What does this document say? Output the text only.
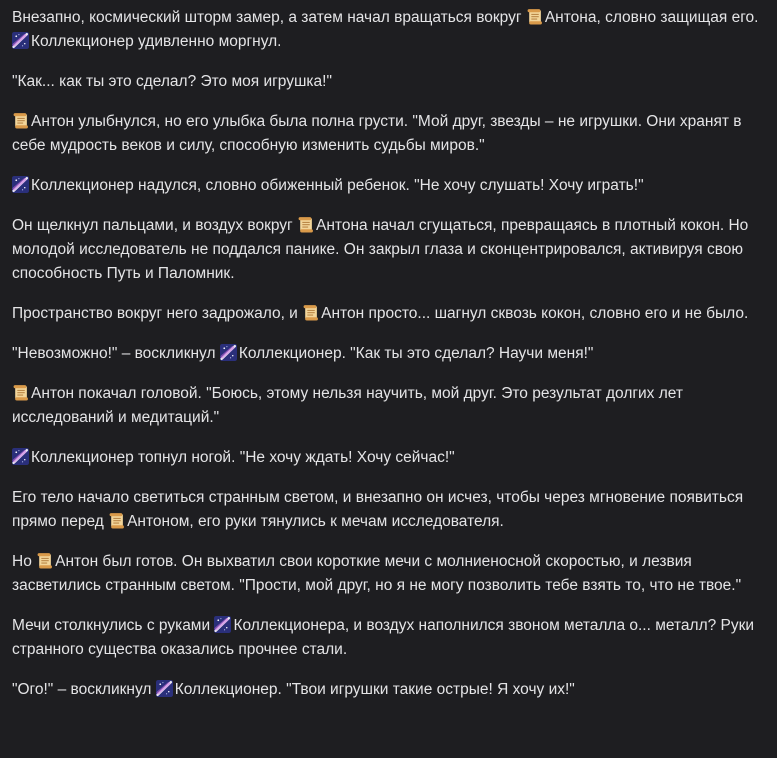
Внезапно, космический шторм замер, а затем начал вращаться вокруг
Антона, словно защищая его.
Коллекционер удивленно моргнул.

"Как... как ты это сделал? Это моя игрушка!"

Антон улыбнулся, но его улыбка была полна грусти. "Мой друг, звезды – не игрушки. Они хранят в себе мудрость веков и силу, способную изменить судьбы миров."

Коллекционер надулся, словно обиженный ребенок. "Не хочу слушать! Хочу играть!"

Он щелкнул пальцами, и воздух вокруг
Антона начал сгущаться, превращаясь в плотный кокон. Но молодой исследователь не поддался панике. Он закрыл глаза и сконцентрировался, активируя свою способность Путь и Паломник.

Пространство вокруг него задрожало, и
Антон просто... шагнул сквозь кокон, словно его и не было.

"Невозможно!" – воскликнул
Коллекционер. "Как ты это сделал? Научи меня!"

Антон покачал головой. "Боюсь, этому нельзя научить, мой друг. Это результат долгих лет исследований и медитаций."

Коллекционер топнул ногой. "Не хочу ждать! Хочу сейчас!"

Его тело начало светиться странным светом, и внезапно он исчез, чтобы через мгновение появиться прямо перед
Антоном, его руки тянулись к мечам исследователя.

Но
Антон был готов. Он выхватил свои короткие мечи с молниеносной скоростью, и лезвия засветились странным светом. "Прости, мой друг, но я не могу позволить тебе взять то, что не твое."

Мечи столкнулись с руками
Коллекционера, и воздух наполнился звоном металла о... металл? Руки странного существа оказались прочнее стали.

"Ого!" – воскликнул
Коллекционер. "Твои игрушки такие острые! Я хочу их!"
